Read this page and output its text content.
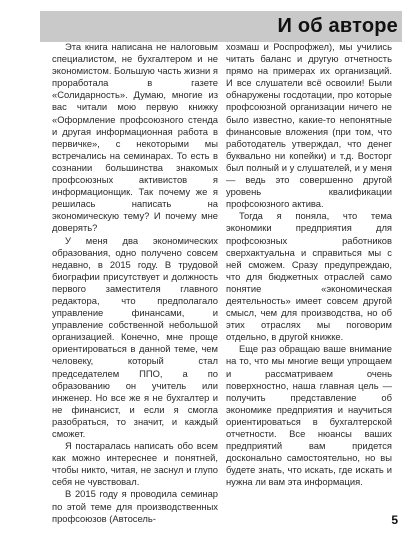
И об авторе

Эта книга написана не налоговым специалистом, не бухгалтером и не экономистом. Большую часть жизни я проработала в газете «Солидарность». Думаю, многие из вас читали мою первую книжку «Оформление профсоюзного стенда и другая информационная работа в первичке», с некоторыми мы встречались на семинарах. То есть в сознании большинства знакомых профсоюзных активистов я информационщик. Так почему же я решилась написать на экономическую тему? И почему мне доверять?

У меня два экономических образования, одно получено совсем недавно, в 2015 году. В трудовой биографии присутствует и должность первого заместителя главного редактора, что предполагало управление финансами, и управление собственной небольшой организацией. Конечно, мне проще ориентироваться в данной теме, чем человеку, который стал председателем ППО, а по образованию он учитель или инженер. Но все же я не бухгалтер и не финансист, и если я смогла разобраться, то значит, и каждый сможет.

Я постаралась написать обо всем как можно интереснее и понятней, чтобы никто, читая, не заснул и глупо себя не чувствовал.

В 2015 году я проводила семинар по этой теме для производственных профсоюзов (Автосель-

хозмаш и Роспрофжел), мы учились читать баланс и другую отчетность прямо на примерах их организаций. И все слушатели всё освоили! Были обнаружены госдотации, про которые профсоюзной организации ничего не было известно, какие-то непонятные финансовые вложения (при том, что работодатель утверждал, что денег буквально ни копейки) и т.д. Восторг был полный и у слушателей, и у меня — ведь это совершенно другой уровень квалификации профсоюзного актива.

Тогда я поняла, что тема экономики предприятия для профсоюзных работников сверхактуальна и справиться мы с ней сможем. Сразу предупреждаю, что для бюджетных отраслей само понятие «экономическая деятельность» имеет совсем другой смысл, чем для производства, но об этих отраслях мы поговорим отдельно, в другой книжке.

Еще раз обращаю ваше внимание на то, что мы многие вещи упрощаем и рассматриваем очень поверхностно, наша главная цель — получить представление об экономике предприятия и научиться ориентироваться в бухгалтерской отчетности. Все нюансы ваших предприятий вам придется досконально самостоятельно, но вы будете знать, что искать, где искать и нужна ли вам эта информация.

5
